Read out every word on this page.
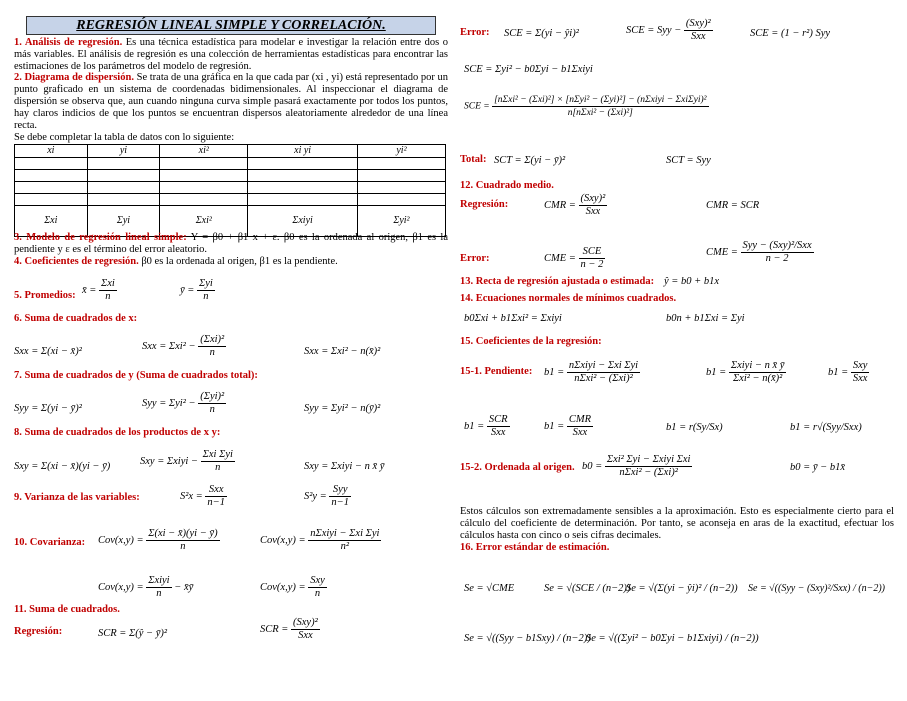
REGRESIÓN LINEAL SIMPLE Y CORRELACIÓN.
1. Análisis de regresión. Es una técnica estadística para modelar e investigar la relación entre dos o más variables. El análisis de regresión es una colección de herramientas estadísticas para encontrar las estimaciones de los parámetros del modelo de regresión.
2. Diagrama de dispersión. Se trata de una gráfica en la que cada par (xi , yi) está representado por un punto graficado en un sistema de coordenadas bidimensionales. Al inspeccionar el diagrama de dispersión se observa que, aun cuando ninguna curva simple pasará exactamente por todos los puntos, hay claros indicios de que los puntos se encuentran dispersos aleatoriamente alrededor de una línea recta.
Se debe completar la tabla de datos con lo siguiente:
xi	yi	xi²	xi yi	yi²

Σxi	Σyi	Σxi²	Σxiyi	Σyi²
3. Modelo de regresión lineal simple: Y = β0 + β1 x + ε. β0 es la ordenada al origen, β1 es la pendiente y ε es el término del error aleatorio.
4. Coeficientes de regresión. β0 es la ordenada al origen, β1 es la pendiente.
5. Promedios: x̄ = $\frac{\text{Σxi}}{n}$	ȳ = $\frac{\text{Σyi}}{n}$
6. Suma de cuadrados de x:
Sxx = Σ(xi − x̄)²	Sxx = $\Sigma xi^2 - \frac{\text{(Σxi)²}}{n}$	Sxx = Σxi² − n(x̄)²
7. Suma de cuadrados de y (Suma de cuadrados total):
Syy = Σ(yi − ȳ)²	Syy = $\Sigma yi^2 - \frac{\text{(Σyi)²}}{n}$	Syy = Σyi² − n(ȳ)²
8. Suma de cuadrados de los productos de x y:
Sxy = Σ(xi − x̄)(yi − ȳ)	Sxy = Σxiyi − $\frac{\text{Σxi Σyi}}{n}$	Sxy = Σxiyi − n x̄ ȳ
9. Varianza de las variables:	$S^2x = \frac{\text{Sxx}}{n-1}$	$S^2y = \frac{\text{Syy}}{n-1}$
10. Covarianza: $Cov(x,y) = \frac{\Sigma(xi - x̄)(yi - ȳ)}{n}$	$Cov(x,y) = \frac{\text{nΣxiyi − Σxi Σyi}}{\text{n²}}$
$Cov(x,y) = \frac{\text{Σxiyi}}{n}$ − x̄ȳ	$Cov(x,y) = \frac{\text{Sxy}}{n}$
11. Suma de cuadrados.
Regresión:	SCR = Σ(ŷ − ȳ)²	SCR = $\frac{\text{(Sxy)²}}{\text{Sxx}}$
Error: SCE = Σ(yi − ŷi)²	SCE = Syy − $\frac{\text{(Sxy)²}}{\text{Sxx}}$	SCE = (1 − r²) Syy
SCE = Σyi² − b0Σyi − b1Σxiyi
SCE = $\frac{\text{[nΣxi² − (Σxi)²] × [nΣyi² − (Σyi)²] − (nΣxiyi − ΣxiΣyi)²}}{\text{n[nΣxi² − (Σxi)²]}}$
Total: SCT = Σ(yi − ȳ)²	SCT = Syy
12. Cuadrado medio.
Regresión:	CMR = $\frac{\text{(Sxy)²}}{\text{Sxx}}$	CMR = SCR
Error:	CME = $\frac{\text{SCE}}{n - 2}$	CME = $\frac{\text{Syy − (Sxy)²/Sxx}}{n - 2}$
13. Recta de regresión ajustada o estimada: ŷ = b0 + b1x
14. Ecuaciones normales de mínimos cuadrados.
b0Σxi + b1Σxi² = Σxiyi	b0n + b1Σxi = Σyi
15. Coeficientes de la regresión:
15-1. Pendiente: $b1 = \frac{\text{nΣxiyi − Σxi Σyi}}{\text{nΣxi² − (Σxi)²}}$	$b1 = \frac{\text{Σxiyi − n x̄ ȳ}}{\text{Σxi² − n(x̄)²}}$	$b1 = \frac{\text{Sxy}}{\text{Sxx}}$
$b1 = \frac{\text{SCR}}{\text{Sxx}}$	$b1 = \frac{\text{CMR}}{\text{Sxx}}$	b1 = r(Sy/Sx)	b1 = r√(Syy/Sxx)
15-2. Ordenada al origen. $b0 = \frac{\text{Σxi² Σyi − Σxiyi Σxi}}{\text{nΣxi² − (Σxi)²}}$	b0 = ȳ − b1x̄
Estos cálculos son extremadamente sensibles a la aproximación. Esto es especialmente cierto para el cálculo del coeficiente de determinación. Por tanto, se aconseja en aras de la exactitud, efectuar los cálculos hasta con cinco o seis cifras decimales.
16. Error estándar de estimación.
Se = √CME	Se = √(SCE / (n−2))
Se = √(Σ(yi − ŷi)² / (n−2)) Se = √((Syy − (Sxy)²/Sxx) / (n−2))
Se = √((Syy − b1Sxy) / (n−2))
Se = √((Σyi² − b0Σyi − b1Σxiyi) / (n−2))
